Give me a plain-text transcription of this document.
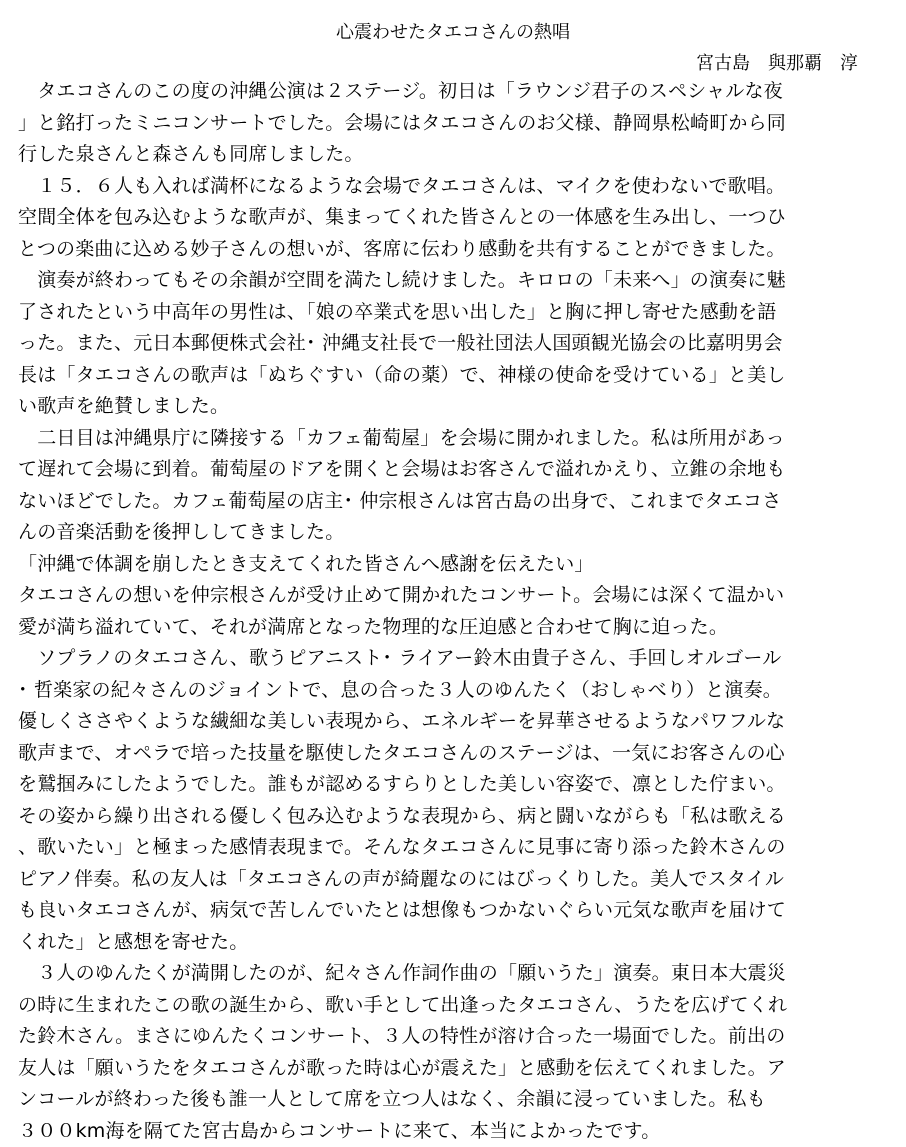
心震わせたタエコさんの熱唱
宮古島　與那覇　淳
　タエコさんのこの度の沖縄公演は２ステージ。初日は「ラウンジ君子のスペシャルな夜
」と銘打ったミニコンサートでした。会場にはタエコさんのお父様、静岡県松崎町から同
行した泉さんと森さんも同席しました。
　１５．６人も入れば満杯になるような会場でタエコさんは、マイクを使わないで歌唱。
空間全体を包み込むような歌声が、集まってくれた皆さんとの一体感を生み出し、一つひ
とつの楽曲に込める妙子さんの想いが、客席に伝わり感動を共有することができました。
　演奏が終わってもその余韻が空間を満たし続けました。キロロの「未来へ」の演奏に魅
了されたという中高年の男性は、「娘の卒業式を思い出した」と胸に押し寄せた感動を語
った。また、元日本郵便株式会社･ 沖縄支社長で一般社団法人国頭観光協会の比嘉明男会
長は「タエコさんの歌声は「ぬちぐすい（命の薬）で、神様の使命を受けている」と美し
い歌声を絶賛しました。
　二日目は沖縄県庁に隣接する「カフェ葡萄屋」を会場に開かれました。私は所用があっ
て遅れて会場に到着。葡萄屋のドアを開くと会場はお客さんで溢れかえり、立錐の余地も
ないほどでした。カフェ葡萄屋の店主･ 仲宗根さんは宮古島の出身で、これまでタエコさ
んの音楽活動を後押ししてきました。
「沖縄で体調を崩したとき支えてくれた皆さんへ感謝を伝えたい」
タエコさんの想いを仲宗根さんが受け止めて開かれたコンサート。会場には深くて温かい
愛が満ち溢れていて、それが満席となった物理的な圧迫感と合わせて胸に迫った。
　ソプラノのタエコさん、歌うピアニスト･ ライアー鈴木由貴子さん、手回しオルゴール
･ 哲楽家の紀々さんのジョイントで、息の合った３人のゆんたく（おしゃべり）と演奏。
優しくささやくような繊細な美しい表現から、エネルギーを昇華させるようなパワフルな
歌声まで、オペラで培った技量を駆使したタエコさんのステージは、一気にお客さんの心
を鷲掴みにしたようでした。誰もが認めるすらりとした美しい容姿で、凛とした佇まい。
その姿から繰り出される優しく包み込むような表現から、病と闘いながらも「私は歌える
、歌いたい」と極まった感情表現まで。そんなタエコさんに見事に寄り添った鈴木さんの
ピアノ伴奏。私の友人は「タエコさんの声が綺麗なのにはびっくりした。美人でスタイル
も良いタエコさんが、病気で苦しんでいたとは想像もつかないぐらい元気な歌声を届けて
くれた」と感想を寄せた。
　３人のゆんたくが満開したのが、紀々さん作詞作曲の「願いうた」演奏。東日本大震災
の時に生まれたこの歌の誕生から、歌い手として出逢ったタエコさん、うたを広げてくれ
た鈴木さん。まさにゆんたくコンサート、３人の特性が溶け合った一場面でした。前出の
友人は「願いうたをタエコさんが歌った時は心が震えた」と感動を伝えてくれました。ア
ンコールが終わった後も誰一人として席を立つ人はなく、余韻に浸っていました。私も
３００km海を隔てた宮古島からコンサートに来て、本当によかったです。
